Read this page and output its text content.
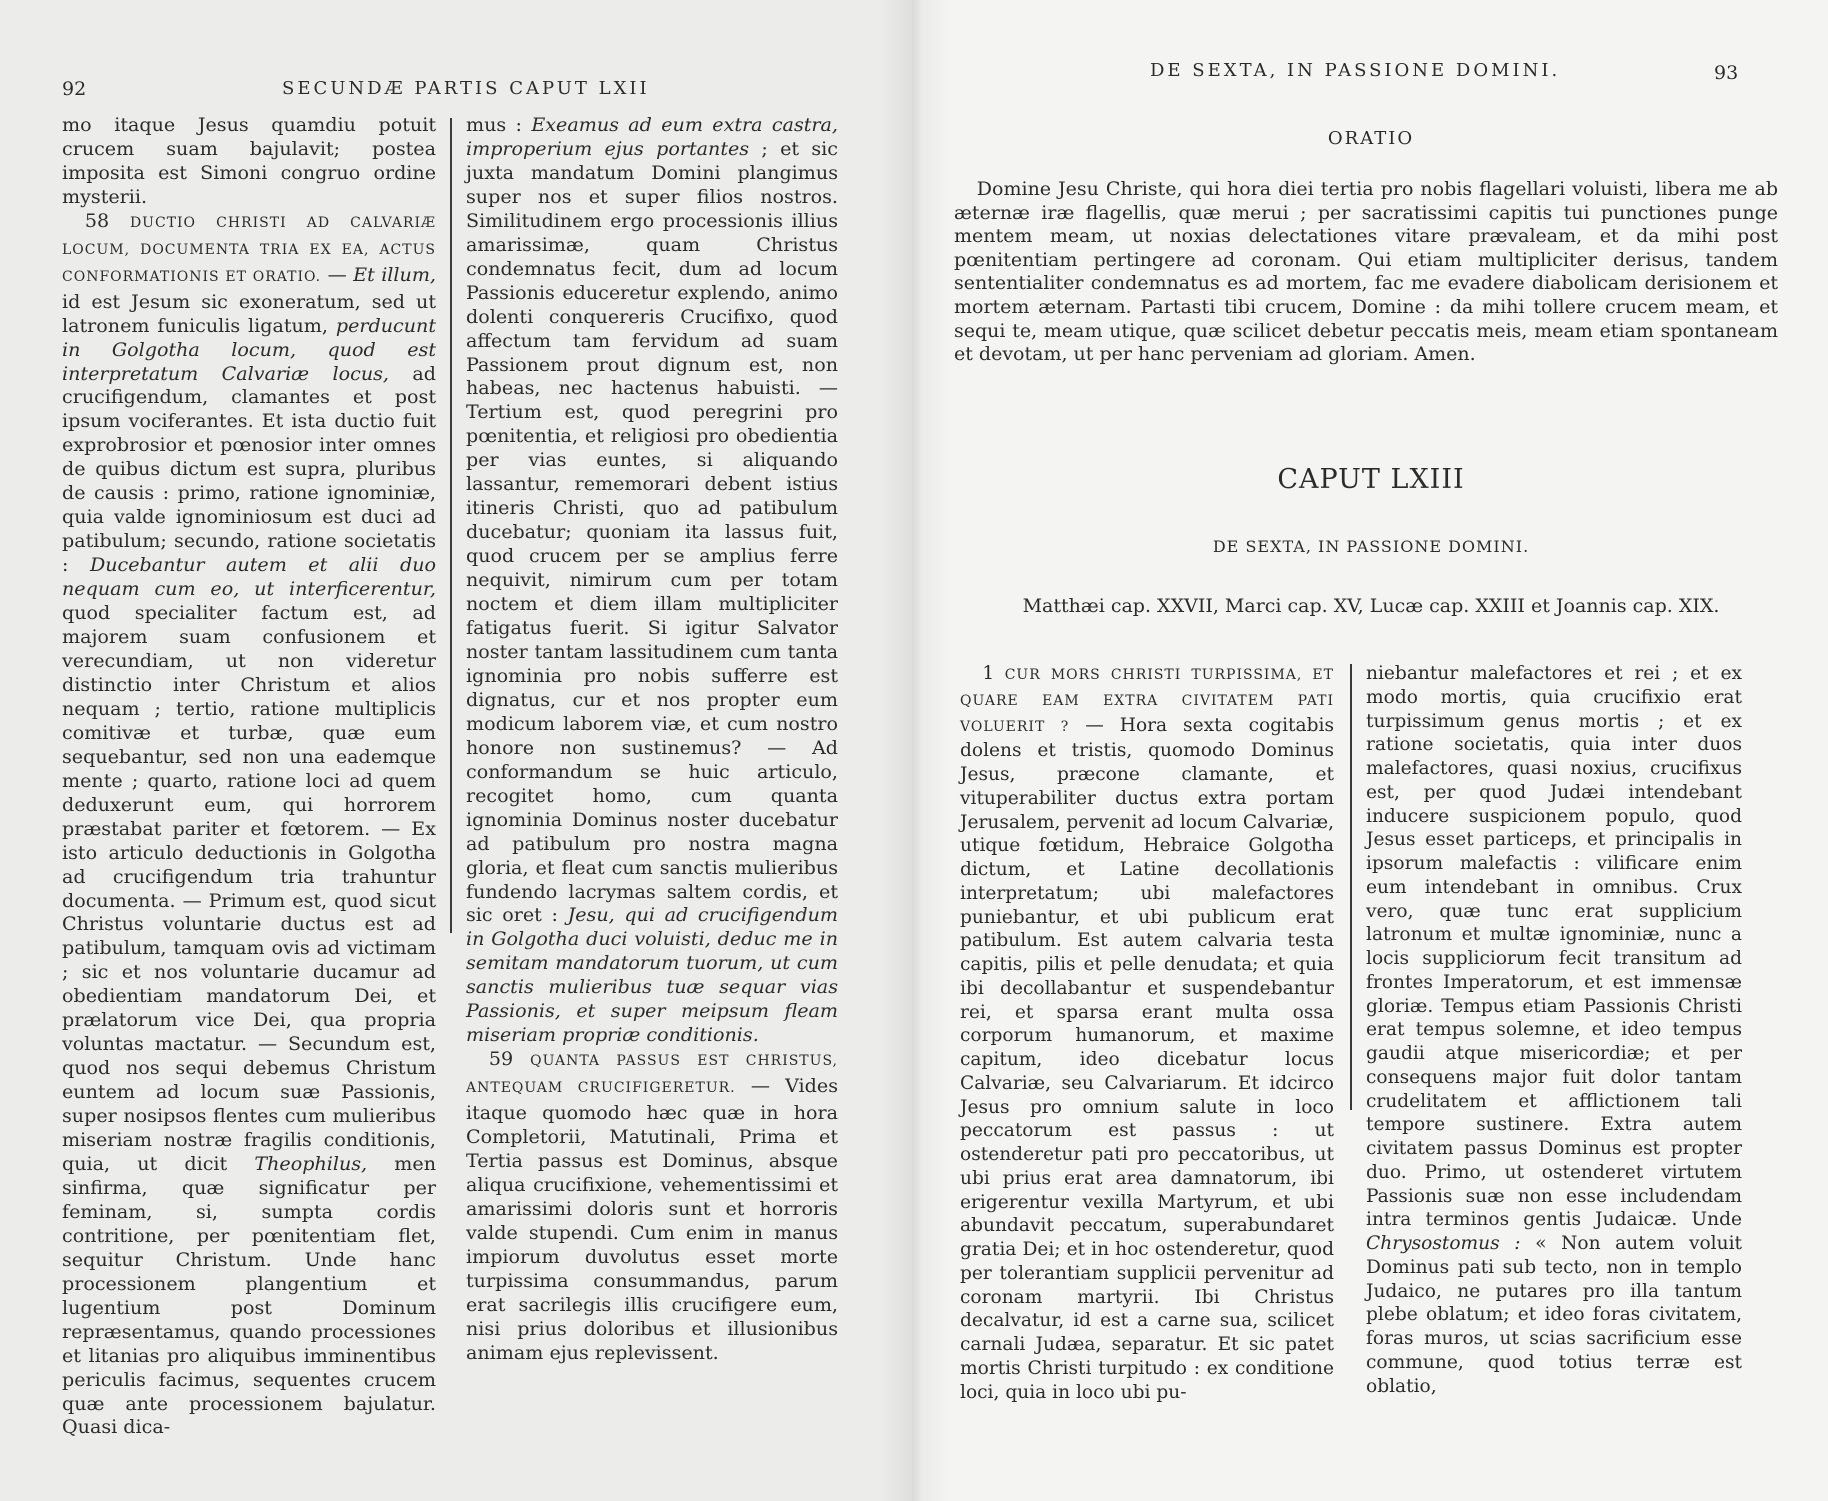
92	SECUNDÆ PARTIS CAPUT LXII

mo itaque Jesus quamdiu potuit crucem suam bajulavit; postea imposita est Simoni congruo ordine mysterii.

58 DUCTIO CHRISTI AD CALVARIÆ LOCUM, DOCUMENTA TRIA EX EA, ACTUS CONFORMATIONIS ET ORATIO. — Et illum, id est Jesum sic exoneratum, sed ut latronem funiculis ligatum, perducunt in Golgotha locum, quod est interpretatum Calvariæ locus, ad crucifigendum, clamantes et post ipsum vociferantes. Et ista ductio fuit exprobrosior et pœnosior inter omnes de quibus dictum est supra, pluribus de causis : primo, ratione ignominiæ, quia valde ignominiosum est duci ad patibulum; secundo, ratione societatis : Ducebantur autem et alii duo nequam cum eo, ut interficerentur, quod specialiter factum est, ad majorem suam confusionem et verecundiam, ut non videretur distinctio inter Christum et alios nequam ; tertio, ratione multiplicis comitivæ et turbæ, quæ eum sequebantur, sed non una eademque mente ; quarto, ratione loci ad quem deduxerunt eum, qui horrorem præstabat pariter et fœtorem. — Ex isto articulo deductionis in Golgotha ad crucifigendum tria trahuntur documenta. — Primum est, quod sicut Christus voluntarie ductus est ad patibulum, tamquam ovis ad victimam ; sic et nos voluntarie ducamur ad obedientiam mandatorum Dei, et prælatorum vice Dei, qua propria voluntas mactatur. — Secundum est, quod nos sequi debemus Christum euntem ad locum suæ Passionis, super nosipsos flentes cum mulieribus miseriam nostræ fragilis conditionis, quia, ut dicit Theophilus, men sinfirma, quæ significatur per feminam, si, sumpta cordis contritione, per pœnitentiam flet, sequitur Christum. Unde hanc processionem plangentium et lugentium post Dominum repræsentamus, quando processiones et litanias pro aliquibus imminentibus periculis facimus, sequentes crucem quæ ante processionem bajulatur. Quasi dica-

mus : Exeamus ad eum extra castra, improperium ejus portantes ; et sic juxta mandatum Domini plangimus super nos et super filios nostros. Similitudinem ergo processionis illius amarissimæ, quam Christus condemnatus fecit, dum ad locum Passionis educeretur explendo, animo dolenti conquereris Crucifixo, quod affectum tam fervidum ad suam Passionem prout dignum est, non habeas, nec hactenus habuisti. — Tertium est, quod peregrini pro pœnitentia, et religiosi pro obedientia per vias euntes, si aliquando lassantur, rememorari debent istius itineris Christi, quo ad patibulum ducebatur; quoniam ita lassus fuit, quod crucem per se amplius ferre nequivit, nimirum cum per totam noctem et diem illam multipliciter fatigatus fuerit. Si igitur Salvator noster tantam lassitudinem cum tanta ignominia pro nobis sufferre est dignatus, cur et nos propter eum modicum laborem viæ, et cum nostro honore non sustinemus? — Ad conformandum se huic articulo, recogitet homo, cum quanta ignominia Dominus noster ducebatur ad patibulum pro nostra magna gloria, et fleat cum sanctis mulieribus fundendo lacrymas saltem cordis, et sic oret : Jesu, qui ad crucifigendum in Golgotha duci voluisti, deduc me in semitam mandatorum tuorum, ut cum sanctis mulieribus tuæ sequar vias Passionis, et super meipsum fleam miseriam propriæ conditionis.

59 QUANTA PASSUS EST CHRISTUS, ANTEQUAM CRUCIFIGERETUR. — Vides itaque quomodo hæc quæ in hora Completorii, Matutinali, Prima et Tertia passus est Dominus, absque aliqua crucifixione, vehementissimi et amarissimi doloris sunt et horroris valde stupendi. Cum enim in manus impiorum duvolutus esset morte turpissima consummandus, parum erat sacrilegis illis crucifigere eum, nisi prius doloribus et illusionibus animam ejus replevissent.

DE SEXTA, IN PASSIONE DOMINI.	93
ORATIO

Domine Jesu Christe, qui hora diei tertia pro nobis flagellari voluisti, libera me ab æternæ iræ flagellis, quæ merui ; per sacratissimi capitis tui punctiones punge mentem meam, ut noxias delectationes vitare prævaleam, et da mihi post pœnitentiam pertingere ad coronam. Qui etiam multipliciter derisus, tandem sententialiter condemnatus es ad mortem, fac me evadere diabolicam derisionem et mortem æternam. Partasti tibi crucem, Domine : da mihi tollere crucem meam, et sequi te, meam utique, quæ scilicet debetur peccatis meis, meam etiam spontaneam et devotam, ut per hanc perveniam ad gloriam. Amen.

CAPUT LXIII
DE SEXTA, IN PASSIONE DOMINI.
Matthæi cap. XXVII, Marci cap. XV, Lucæ cap. XXIII et Joannis cap. XIX.

1 CUR MORS CHRISTI TURPISSIMA, ET QUARE EAM EXTRA CIVITATEM PATI VOLUERIT ? — Hora sexta cogitabis dolens et tristis, quomodo Dominus Jesus, præcone clamante, et vituperabiliter ductus extra portam Jerusalem, pervenit ad locum Calvariæ, utique fœtidum, Hebraice Golgotha dictum, et Latine decollationis interpretatum; ubi malefactores puniebantur, et ubi publicum erat patibulum. Est autem calvaria testa capitis, pilis et pelle denudata; et quia ibi decollabantur et suspendebantur rei, et sparsa erant multa ossa corporum humanorum, et maxime capitum, ideo dicebatur locus Calvariæ, seu Calvariarum. Et idcirco Jesus pro omnium salute in loco peccatorum est passus : ut ostenderetur pati pro peccatoribus, ut ubi prius erat area damnatorum, ibi erigerentur vexilla Martyrum, et ubi abundavit peccatum, superabundaret gratia Dei; et in hoc ostenderetur, quod per tolerantiam supplicii pervenitur ad coronam martyrii. Ibi Christus decalvatur, id est a carne sua, scilicet carnali Judæa, separatur. Et sic patet mortis Christi turpitudo : ex conditione loci, quia in loco ubi pu-

niebantur malefactores et rei ; et ex modo mortis, quia crucifixio erat turpissimum genus mortis ; et ex ratione societatis, quia inter duos malefactores, quasi noxius, crucifixus est, per quod Judæi intendebant inducere suspicionem populo, quod Jesus esset particeps, et principalis in ipsorum malefactis : vilificare enim eum intendebant in omnibus. Crux vero, quæ tunc erat supplicium latronum et multæ ignominiæ, nunc a locis suppliciorum fecit transitum ad frontes Imperatorum, et est immensæ gloriæ. Tempus etiam Passionis Christi erat tempus solemne, et ideo tempus gaudii atque misericordiæ; et per consequens major fuit dolor tantam crudelitatem et afflictionem tali tempore sustinere. Extra autem civitatem passus Dominus est propter duo. Primo, ut ostenderet virtutem Passionis suæ non esse includendam intra terminos gentis Judaicæ. Unde Chrysostomus : « Non autem voluit Dominus pati sub tecto, non in templo Judaico, ne putares pro illa tantum plebe oblatum; et ideo foras civitatem, foras muros, ut scias sacrificium esse commune, quod totius terræ est oblatio,
